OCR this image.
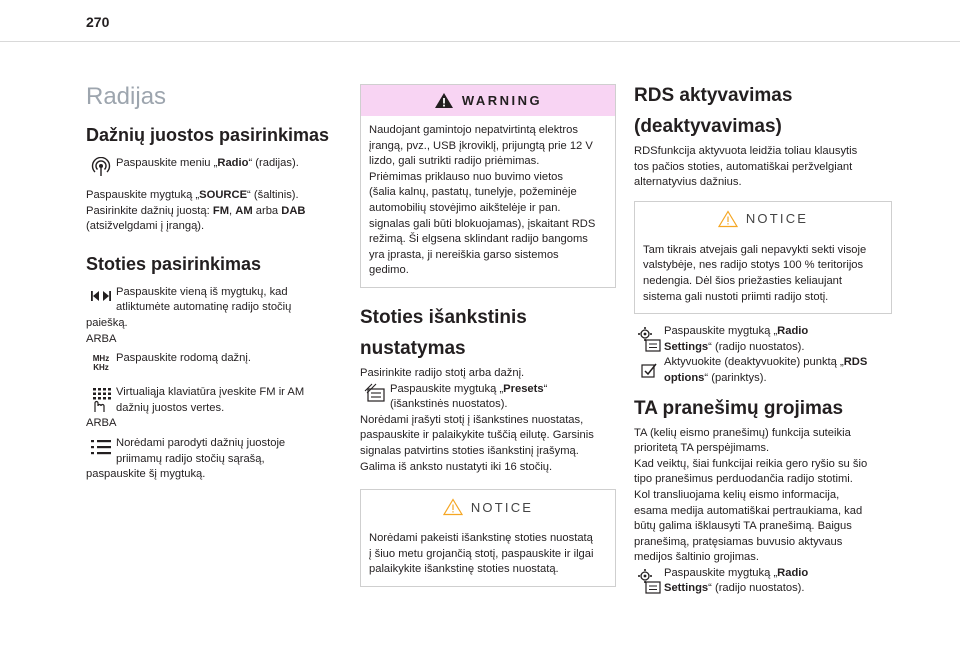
270
Radijas
Dažnių juostos pasirinkimas

Paspauskite meniu „Radio“ (radijas).

Paspauskite mygtuką „SOURCE“ (šaltinis).

Pasirinkite dažnių juostą: FM, AM arba DAB

(atsižvelgdami į įrangą).

Stoties pasirinkimas

Paspauskite vieną iš mygtukų, kad

atliktumėte automatinę radijo stočių

paiešką.

ARBA

MHz
KHz

Paspauskite rodomą dažnį.

Virtualiąja klaviatūra įveskite FM ir AM

dažnių juostos vertes.

ARBA

Norėdami parodyti dažnių juostoje

priimamų radijo stočių sąrašą,

paspauskite šį mygtuką.

WARNING

Naudojant gamintojo nepatvirtintą elektros

įrangą, pvz., USB įkroviklį, prijungtą prie 12 V

lizdo, gali sutrikti radijo priėmimas.

Priėmimas priklauso nuo buvimo vietos

(šalia kalnų, pastatų, tunelyje, požeminėje

automobilių stovėjimo aikštelėje ir pan.

signalas gali būti blokuojamas), įskaitant RDS

režimą. Ši elgsena sklindant radijo bangoms

yra įprasta, ji nereiškia garso sistemos

gedimo.

Stoties išankstinis
nustatymas

Pasirinkite radijo stotį arba dažnį.

Paspauskite mygtuką „Presets“

(išankstinės nuostatos).

Norėdami įrašyti stotį į išankstines nuostatas,

paspauskite ir palaikykite tuščią eilutę. Garsinis

signalas patvirtins stoties išankstinį įrašymą.

Galima iš anksto nustatyti iki 16 stočių.

NOTICE

Norėdami pakeisti išankstinę stoties nuostatą

į šiuo metu grojančią stotį, paspauskite ir ilgai

palaikykite išankstinę stoties nuostatą.

RDS aktyvavimas
(deaktyvavimas)

RDSfunkcija aktyvuota leidžia toliau klausytis

tos pačios stoties, automatiškai peržvelgiant

alternatyvius dažnius.

NOTICE

Tam tikrais atvejais gali nepavykti sekti visoje

valstybėje, nes radijo stotys 100 % teritorijos

nedengia. Dėl šios priežasties keliaujant

sistema gali nustoti priimti radijo stotį.

Paspauskite mygtuką „Radio

Settings“ (radijo nuostatos).

Aktyvuokite (deaktyvuokite) punktą „RDS

options“ (parinktys).

TA pranešimų grojimas

TA (kelių eismo pranešimų) funkcija suteikia

prioritetą TA perspėjimams.

Kad veiktų, šiai funkcijai reikia gero ryšio su šio

tipo pranešimus perduodančia radijo stotimi.

Kol transliuojama kelių eismo informacija,

esama medija automatiškai pertraukiama, kad

būtų galima išklausyti TA pranešimą. Baigus

pranešimą, pratęsiamas buvusio aktyvaus

medijos šaltinio grojimas.

Paspauskite mygtuką „Radio

Settings“ (radijo nuostatos).
